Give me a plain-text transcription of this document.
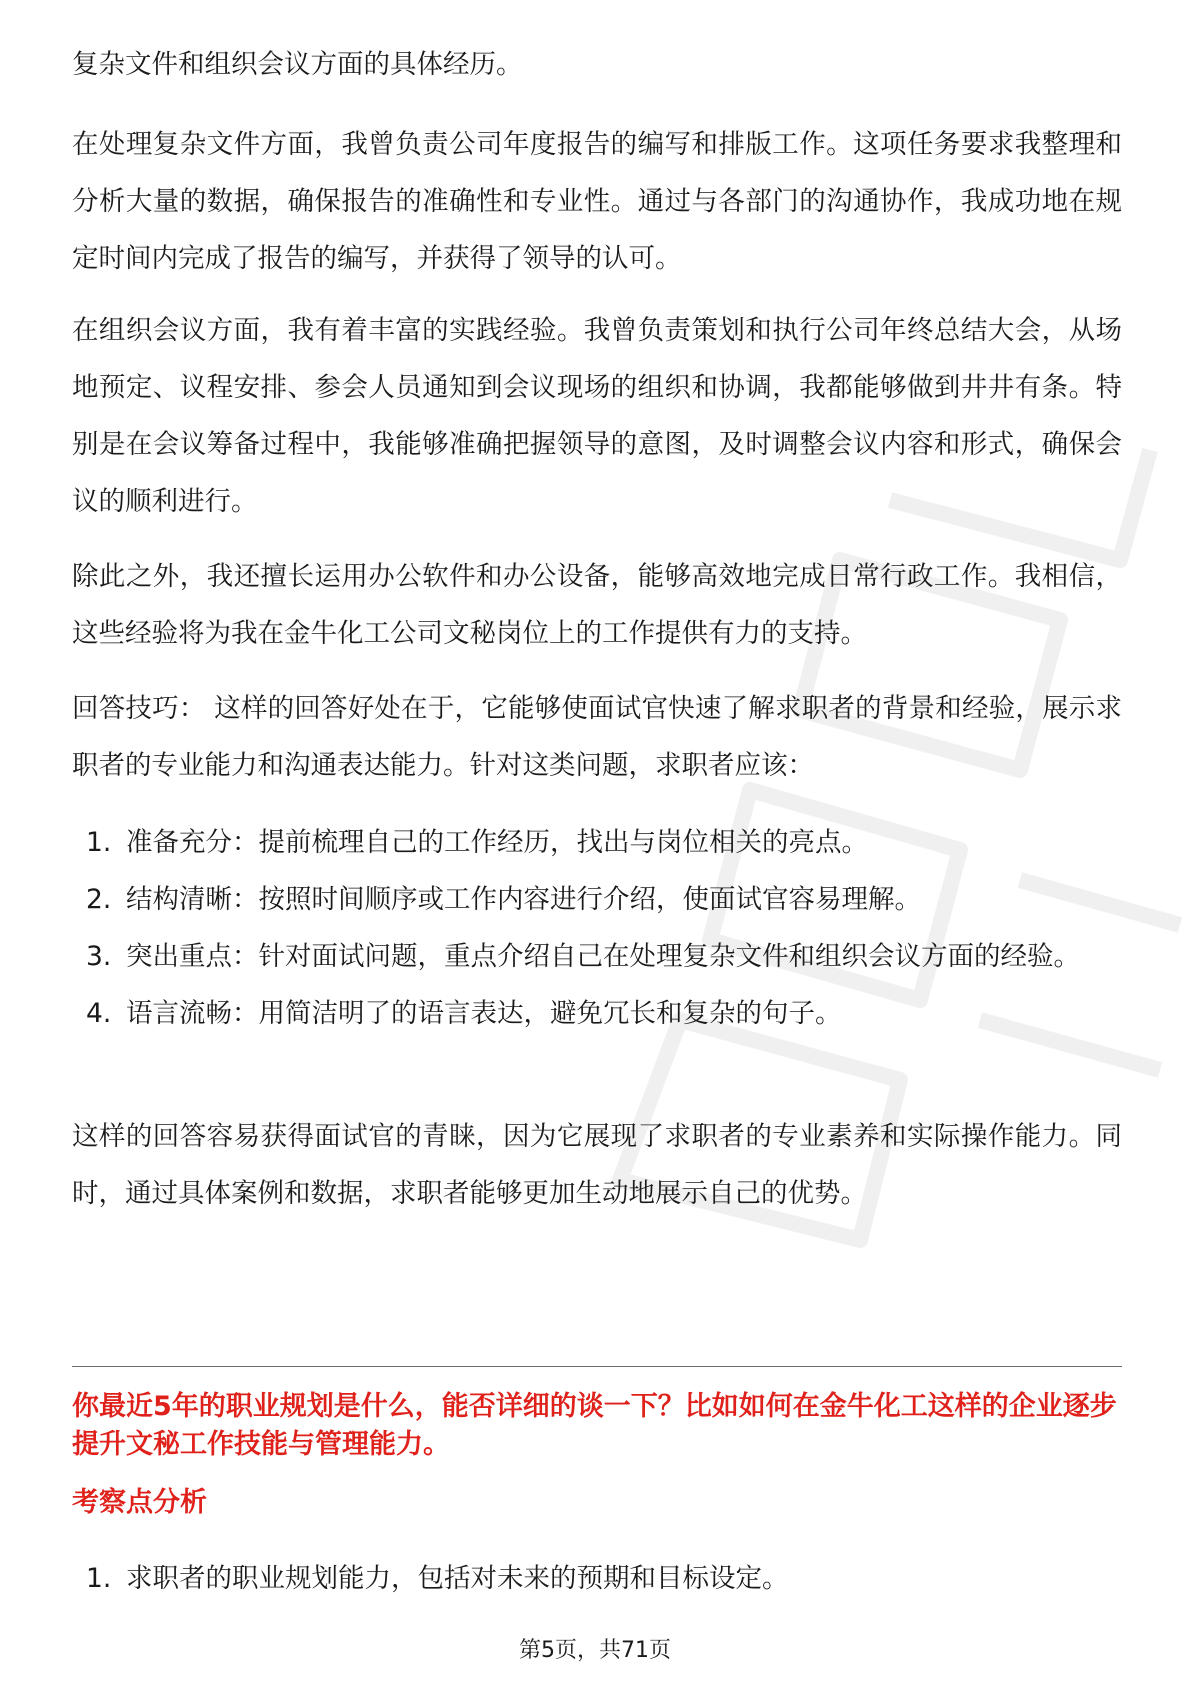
复杂文件和组织会议方面的具体经历。

在处理复杂文件方面，我曾负责公司年度报告的编写和排版工作。这项任务要求我整理和分析大量的数据，确保报告的准确性和专业性。通过与各部门的沟通协作，我成功地在规定时间内完成了报告的编写，并获得了领导的认可。

在组织会议方面，我有着丰富的实践经验。我曾负责策划和执行公司年终总结大会，从场地预定、议程安排、参会人员通知到会议现场的组织和协调，我都能够做到井井有条。特别是在会议筹备过程中，我能够准确把握领导的意图，及时调整会议内容和形式，确保会议的顺利进行。

除此之外，我还擅长运用办公软件和办公设备，能够高效地完成日常行政工作。我相信，这些经验将为我在金牛化工公司文秘岗位上的工作提供有力的支持。

回答技巧： 这样的回答好处在于，它能够使面试官快速了解求职者的背景和经验，展示求职者的专业能力和沟通表达能力。针对这类问题，求职者应该：

1. 准备充分：提前梳理自己的工作经历，找出与岗位相关的亮点。
2. 结构清晰：按照时间顺序或工作内容进行介绍，使面试官容易理解。
3. 突出重点：针对面试问题，重点介绍自己在处理复杂文件和组织会议方面的经验。
4. 语言流畅：用简洁明了的语言表达，避免冗长和复杂的句子。

这样的回答容易获得面试官的青睐，因为它展现了求职者的专业素养和实际操作能力。同时，通过具体案例和数据，求职者能够更加生动地展示自己的优势。

你最近5年的职业规划是什么，能否详细的谈一下？比如如何在金牛化工这样的企业逐步提升文秘工作技能与管理能力。

考察点分析

1. 求职者的职业规划能力，包括对未来的预期和目标设定。
第5页，共71页
